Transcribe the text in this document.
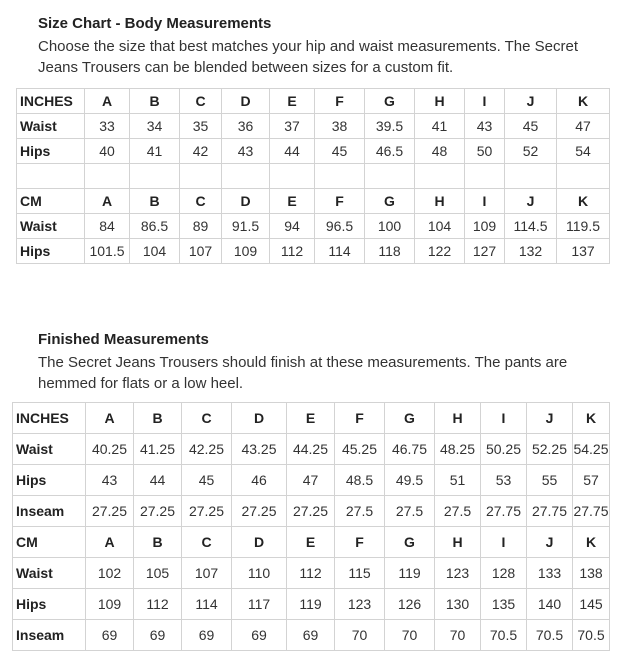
Size Chart - Body Measurements

Choose the size that best matches your hip and waist measurements. The Secret Jeans Trousers can be blended between sizes for a custom fit.

INCHES	A	B	C	D	E	F	G	H	I	J	K
Waist	33	34	35	36	37	38	39.5	41	43	45	47
Hips	40	41	42	43	44	45	46.5	48	50	52	54

CM	A	B	C	D	E	F	G	H	I	J	K
Waist	84	86.5	89	91.5	94	96.5	100	104	109	114.5	119.5
Hips	101.5	104	107	109	112	114	118	122	127	132	137
Finished Measurements

The Secret Jeans Trousers should finish at these measurements. The pants are hemmed for flats or a low heel.

INCHES	A	B	C	D	E	F	G	H	I	J	K
Waist	40.25	41.25	42.25	43.25	44.25	45.25	46.75	48.25	50.25	52.25	54.25
Hips	43	44	45	46	47	48.5	49.5	51	53	55	57
Inseam	27.25	27.25	27.25	27.25	27.25	27.5	27.5	27.5	27.75	27.75	27.75
CM	A	B	C	D	E	F	G	H	I	J	K
Waist	102	105	107	110	112	115	119	123	128	133	138
Hips	109	112	114	117	119	123	126	130	135	140	145
Inseam	69	69	69	69	69	70	70	70	70.5	70.5	70.5
